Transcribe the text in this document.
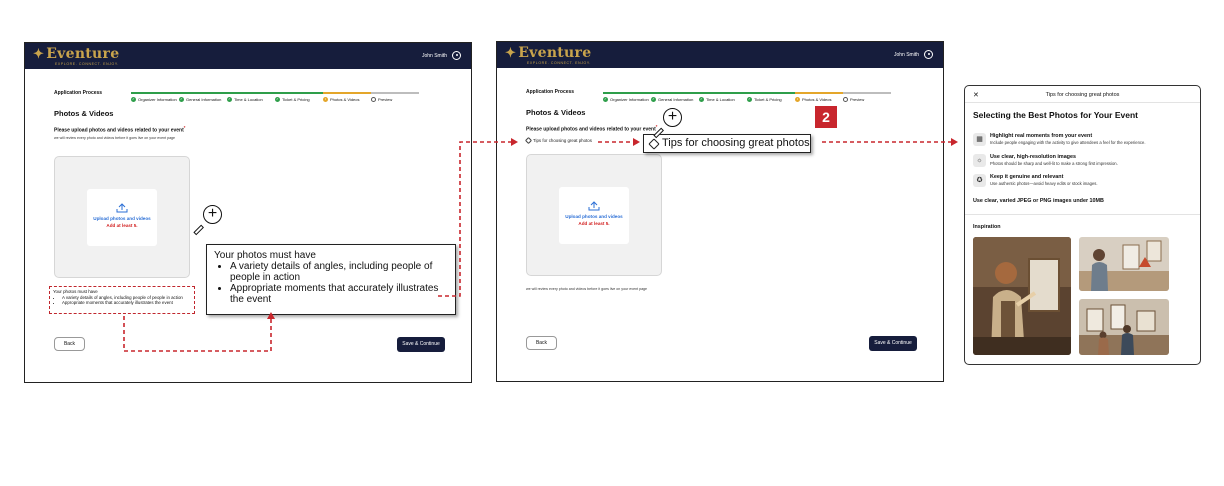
✦ Eventure
EXPLORE. CONNECT. ENJOY.
John Smith
Application Process
✓ Organizer Information ✓ General Information ✓ Time & Location	✓ Ticket & Pricing	• Photos & Videos	Preview
Photos & Videos
Please upload photos and videos related to your event*
we will review every photo and videos before it goes live on your event page
Upload photos and videos
Add at least 5.
Back	Save & Continue
Your photos must have
• A variety details of angles, including people of people in action
• Appropriate moments that accurately illustrates the event
Your photos must have
• A variety details of angles, including people of people in action
• Appropriate moments that accurately illustrates the event
+
✦ Eventure
EXPLORE. CONNECT. ENJOY.
John Smith
Application Process
✓ Organizer Information ✓ General Information ✓ Time & Location	✓ Ticket & Pricing	• Photos & Videos	Preview
Photos & Videos
Please upload photos and videos related to your event*
Upload photos and videos
Add at least 5.
we will review every photo and videos before it goes live on your event page
Back	Save & Continue
Tips for choosing great photos	Tips for choosing great photos
2
+
✕	Tips for choosing great photos
Selecting the Best Photos for Your Event
▦	Highlight real moments from your event
Include people engaging with the activity to give attendees a feel for the experience.
☼	Use clear, high-resolution images
Photos should be sharp and well-lit to make a strong first impression.
✪	Keep it genuine and relevant
Use authentic photos—avoid heavy edits or stock images.
Use clear, varied JPEG or PNG images under 10MB
Inspiration
